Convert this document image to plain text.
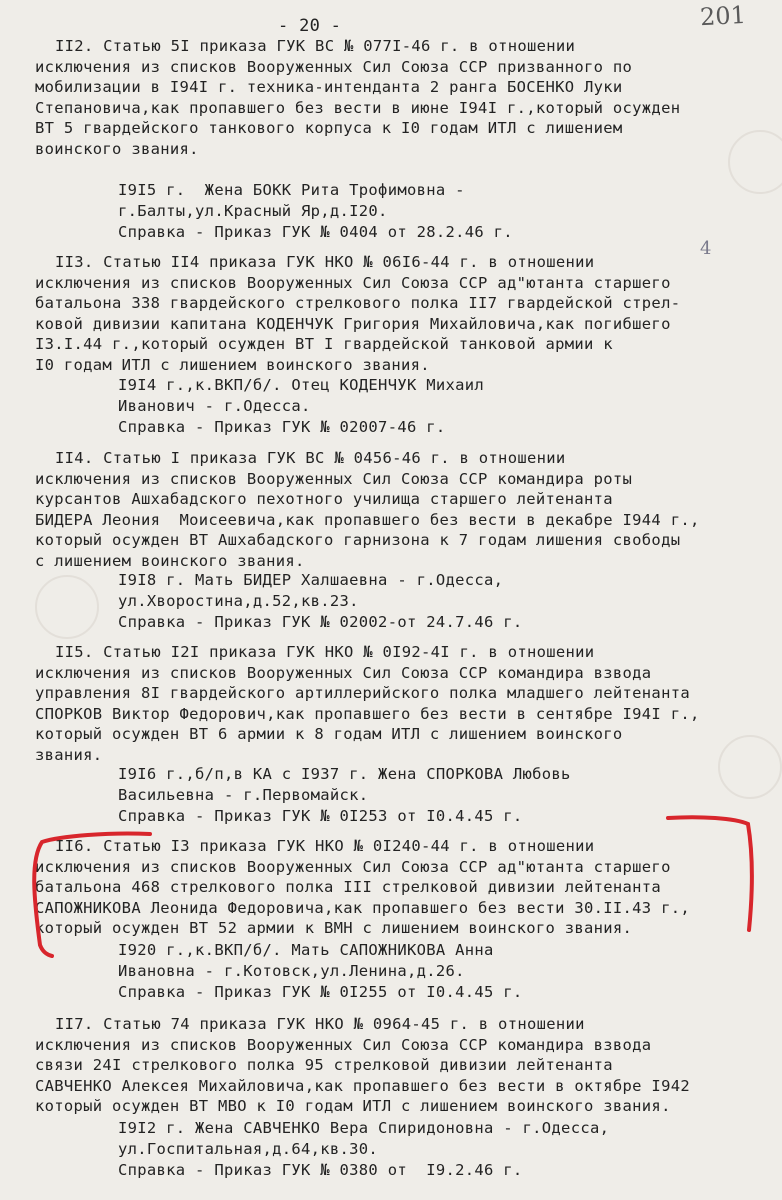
- 20 -	201
4
II2. Статью 5I приказа ГУК ВС № 077I-46 г. в отношении
исключения из списков Вооруженных Сил Союза ССР призванного по
мобилизации в I94I г. техника-интенданта 2 ранга БОСЕНКО Луки
Степановича,как пропавшего без вести в июне I94I г.,который осужден
ВТ 5 гвардейского танкового корпуса к I0 годам ИТЛ с лишением
воинского звания.
I9I5 г.  Жена БОКК Рита Трофимовна -
г.Балты,ул.Красный Яр,д.I20.
Справка - Приказ ГУК № 0404 от 28.2.46 г.
II3. Статью II4 приказа ГУК НКО № 06I6-44 г. в отношении
исключения из списков Вооруженных Сил Союза ССР ад"ютанта старшего
батальона 338 гвардейского стрелкового полка II7 гвардейской стрел-
ковой дивизии капитана КОДЕНЧУК Григория Михайловича,как погибшего
I3.I.44 г.,который осужден ВТ I гвардейской танковой армии к
I0 годам ИТЛ с лишением воинского звания.
I9I4 г.,к.ВКП/б/. Отец КОДЕНЧУК Михаил
Иванович - г.Одесса.
Справка - Приказ ГУК № 02007-46 г.
II4. Статью I приказа ГУК ВС № 0456-46 г. в отношении
исключения из списков Вооруженных Сил Союза ССР командира роты
курсантов Ашхабадского пехотного училища старшего лейтенанта
БИДЕРА Леония  Моисеевича,как пропавшего без вести в декабре I944 г.,
который осужден ВТ Ашхабадского гарнизона к 7 годам лишения свободы
с лишением воинского звания.
I9I8 г. Мать БИДЕР Халшаевна - г.Одесса,
ул.Хворостина,д.52,кв.23.
Справка - Приказ ГУК № 02002-от 24.7.46 г.
II5. Статью I2I приказа ГУК НКО № 0I92-4I г. в отношении
исключения из списков Вооруженных Сил Союза ССР командира взвода
управления 8I гвардейского артиллерийского полка младшего лейтенанта
СПОРКОВ Виктор Федорович,как пропавшего без вести в сентябре I94I г.,
который осужден ВТ 6 армии к 8 годам ИТЛ с лишением воинского
звания.
I9I6 г.,б/п,в КА с I937 г. Жена СПОРКОВА Любовь
Васильевна - г.Первомайск.
Справка - Приказ ГУК № 0I253 от I0.4.45 г.
II6. Статью I3 приказа ГУК НКО № 0I240-44 г. в отношении
исключения из списков Вооруженных Сил Союза ССР ад"ютанта старшего
батальона 468 стрелкового полка III стрелковой дивизии лейтенанта
САПОЖНИКОВА Леонида Федоровича,как пропавшего без вести 30.II.43 г.,
который осужден ВТ 52 армии к ВМН с лишением воинского звания.
I920 г.,к.ВКП/б/. Мать САПОЖНИКОВА Анна
Ивановна - г.Котовск,ул.Ленина,д.26.
Справка - Приказ ГУК № 0I255 от I0.4.45 г.
II7. Статью 74 приказа ГУК НКО № 0964-45 г. в отношении
исключения из списков Вооруженных Сил Союза ССР командира взвода
связи 24I стрелкового полка 95 стрелковой дивизии лейтенанта
САВЧЕНКО Алексея Михайловича,как пропавшего без вести в октябре I942
который осужден ВТ МВО к I0 годам ИТЛ с лишением воинского звания.
I9I2 г. Жена САВЧЕНКО Вера Спиридоновна - г.Одесса,
ул.Госпитальная,д.64,кв.30.
Справка - Приказ ГУК № 0380 от  I9.2.46 г.
